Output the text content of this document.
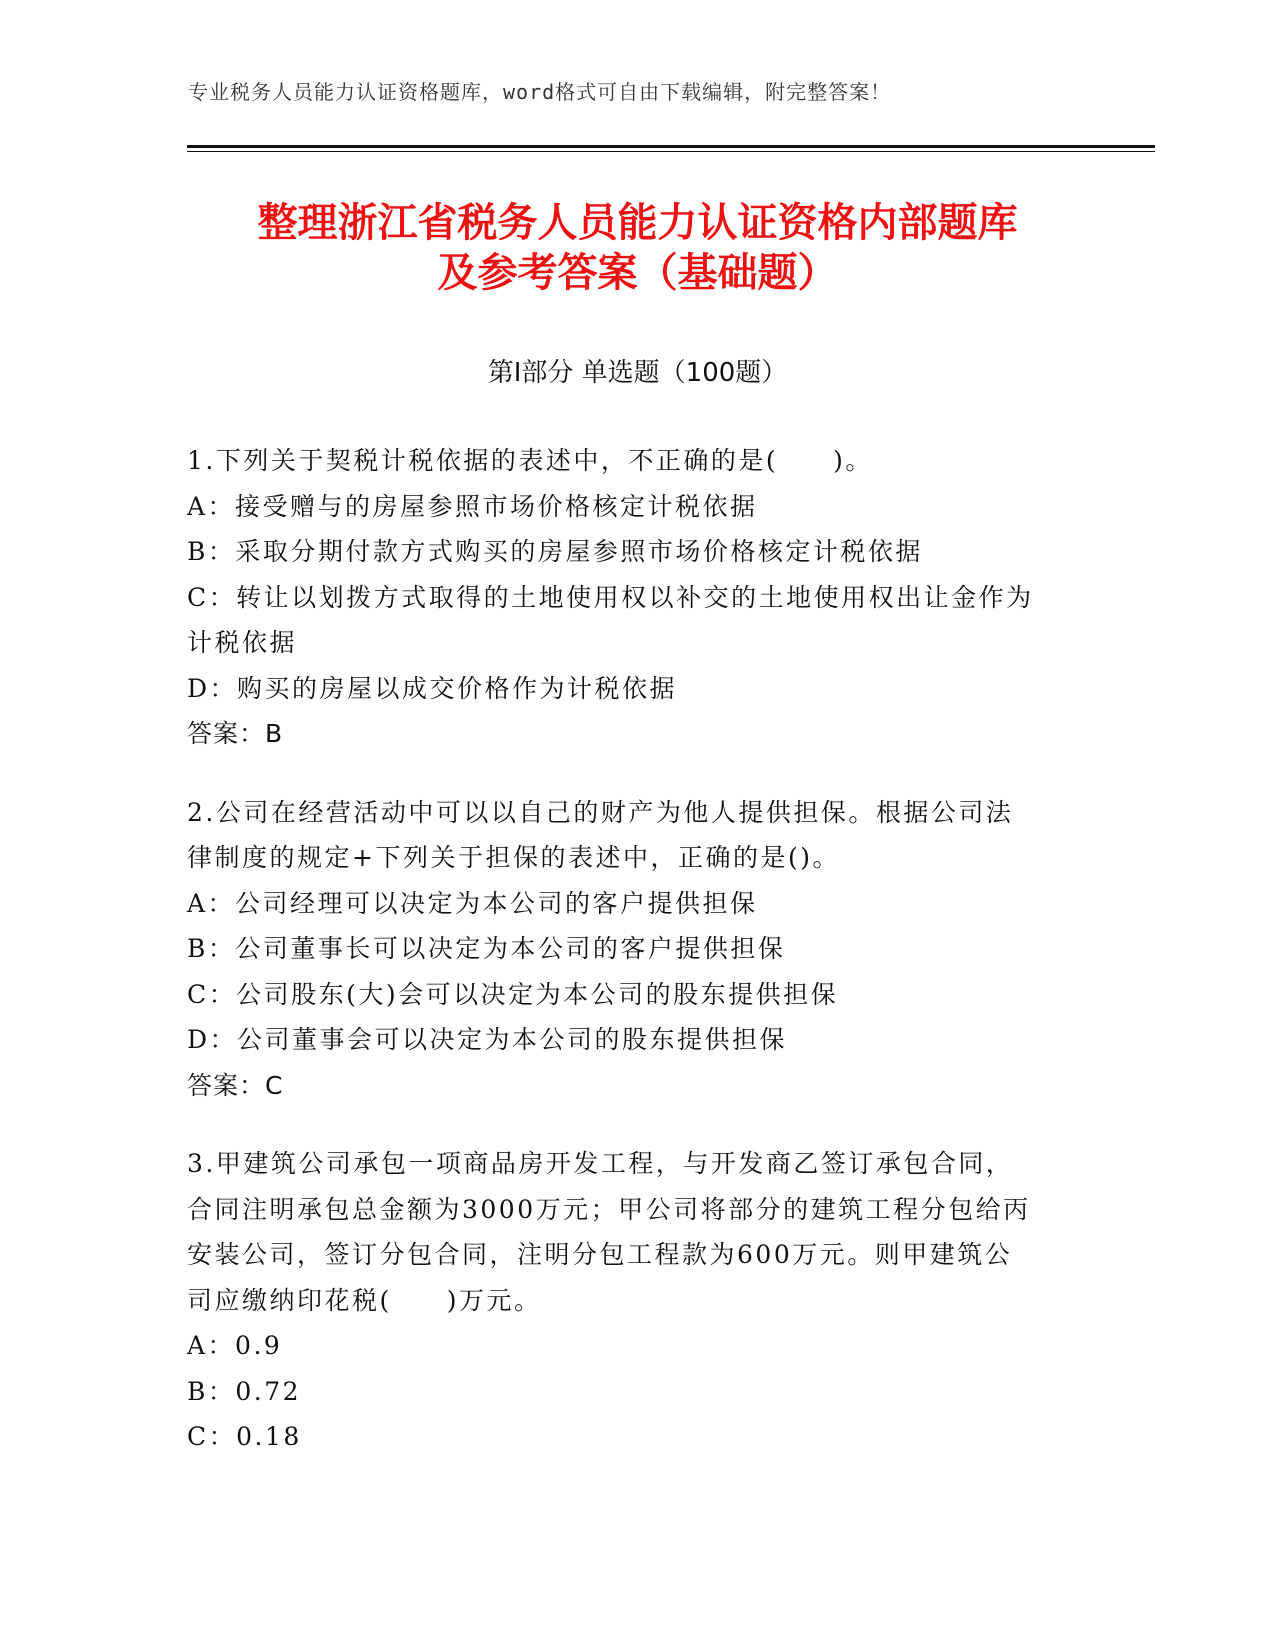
专业税务人员能力认证资格题库，word格式可自由下载编辑，附完整答案！
整理浙江省税务人员能力认证资格内部题库
及参考答案（基础题）
第I部分 单选题（100题）

1.下列关于契税计税依据的表述中，不正确的是(　　)。

A：接受赠与的房屋参照市场价格核定计税依据

B：采取分期付款方式购买的房屋参照市场价格核定计税依据

C：转让以划拨方式取得的土地使用权以补交的土地使用权出让金作为

计税依据

D：购买的房屋以成交价格作为计税依据

答案：B

2.公司在经营活动中可以以自己的财产为他人提供担保。根据公司法

律制度的规定+下列关于担保的表述中，正确的是()。

A：公司经理可以决定为本公司的客户提供担保

B：公司董事长可以决定为本公司的客户提供担保

C：公司股东(大)会可以决定为本公司的股东提供担保

D：公司董事会可以决定为本公司的股东提供担保

答案：C

3.甲建筑公司承包一项商品房开发工程，与开发商乙签订承包合同，

合同注明承包总金额为3000万元；甲公司将部分的建筑工程分包给丙

安装公司，签订分包合同，注明分包工程款为600万元。则甲建筑公

司应缴纳印花税(　　)万元。

A：0.9

B：0.72

C：0.18
